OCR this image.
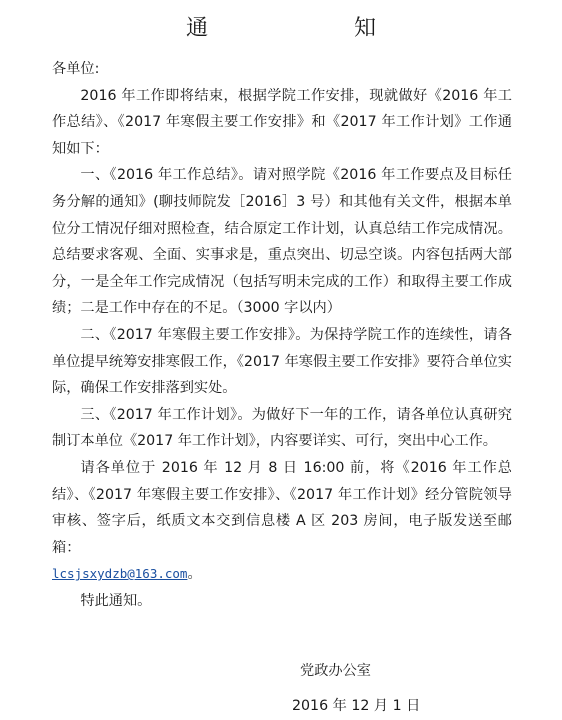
通　知

各单位:

2016 年工作即将结束，根据学院工作安排，现就做好《2016 年工作总结》、《2017 年寒假主要工作安排》和《2017 年工作计划》工作通知如下：

一、《2016 年工作总结》。请对照学院《2016 年工作要点及目标任务分解的通知》(聊技师院发［2016］3 号）和其他有关文件，根据本单位分工情况仔细对照检查，结合原定工作计划，认真总结工作完成情况。总结要求客观、全面、实事求是，重点突出、切忌空谈。内容包括两大部分，一是全年工作完成情况（包括写明未完成的工作）和取得主要工作成绩；二是工作中存在的不足。（3000 字以内）

二、《2017 年寒假主要工作安排》。为保持学院工作的连续性，请各单位提早统筹安排寒假工作，《2017 年寒假主要工作安排》要符合单位实际，确保工作安排落到实处。

三、《2017 年工作计划》。为做好下一年的工作，请各单位认真研究制订本单位《2017 年工作计划》，内容要详实、可行，突出中心工作。

请各单位于 2016 年 12 月 8 日 16:00 前，将《2016 年工作总结》、《2017 年寒假主要工作安排》、《2017 年工作计划》经分管院领导审核、签字后，纸质文本交到信息楼 A 区 203 房间，电子版发送至邮箱：

lcsjsxydzb@163.com。

特此通知。

党政办公室
2016 年 12 月 1 日
